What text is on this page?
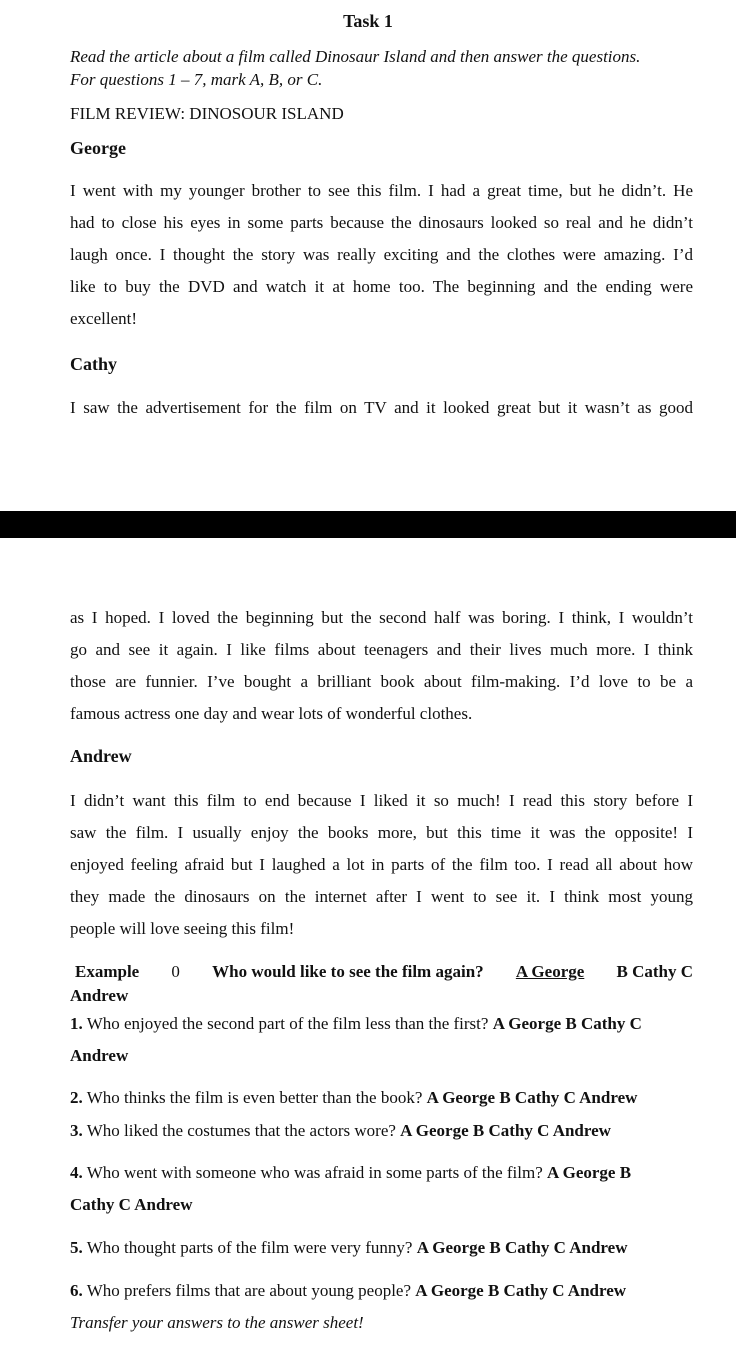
Task 1
Read the article about a film called Dinosaur Island and then answer the questions.
For questions 1 – 7, mark A, B, or C.
FILM REVIEW: DINOSOUR ISLAND
George
I went with my younger brother to see this film. I had a great time, but he didn’t. He
had to close his eyes in some parts because the dinosaurs looked so real and he didn’t
laugh once. I thought the story was really exciting and the clothes were amazing. I’d
like to buy the DVD and watch it at home too. The beginning and the ending were
excellent!
Cathy
I saw the advertisement for the film on TV and it looked great but it wasn’t as good
as I hoped. I loved the beginning but the second half was boring. I think, I wouldn’t
go and see it again. I like films about teenagers and their lives much more. I think
those are funnier. I’ve bought a brilliant book about film-making. I’d love to be a
famous actress one day and wear lots of wonderful clothes.
Andrew
I didn’t want this film to end because I liked it so much! I read this story before I
saw the film. I usually enjoy the books more, but this time it was the opposite! I
enjoyed feeling afraid but I laughed a lot in parts of the film too. I read all about how
they made the dinosaurs on the internet after I went to see it. I think most young
people will love seeing this film!
Example 0 Who would like to see the film again? A George B Cathy C
Andrew
1. Who enjoyed the second part of the film less than the first? A George B Cathy C
Andrew
2. Who thinks the film is even better than the book? A George B Cathy C Andrew
3. Who liked the costumes that the actors wore? A George B Cathy C Andrew
4. Who went with someone who was afraid in some parts of the film? A George B
Cathy C Andrew
5. Who thought parts of the film were very funny? A George B Cathy C Andrew
6. Who prefers films that are about young people? A George B Cathy C Andrew
Transfer your answers to the answer sheet!
